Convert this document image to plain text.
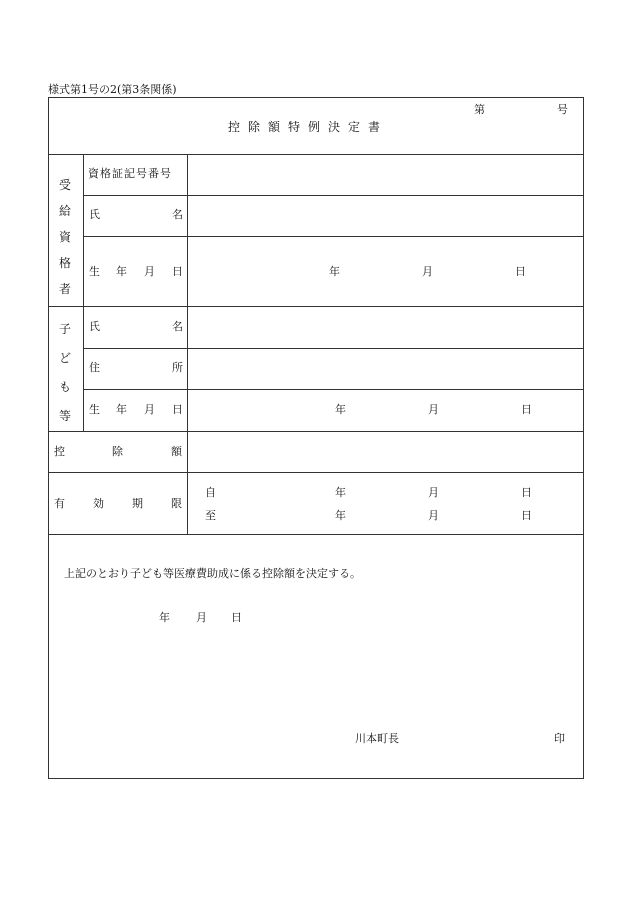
様式第1号の2(第3条関係)
第	号
控除額特例決定書
受
給
資
格
者
資格証記号番号
氏	名
生 年 月 日	年	月	日
子
ど
も
等
氏	名
住	所
生 年 月 日	年	月	日
控	除	額
有	効	期	限
自	年	月	日
至	年	月	日
上記のとおり子ども等医療費助成に係る控除額を決定する。
年 月 日
川本町長	印
